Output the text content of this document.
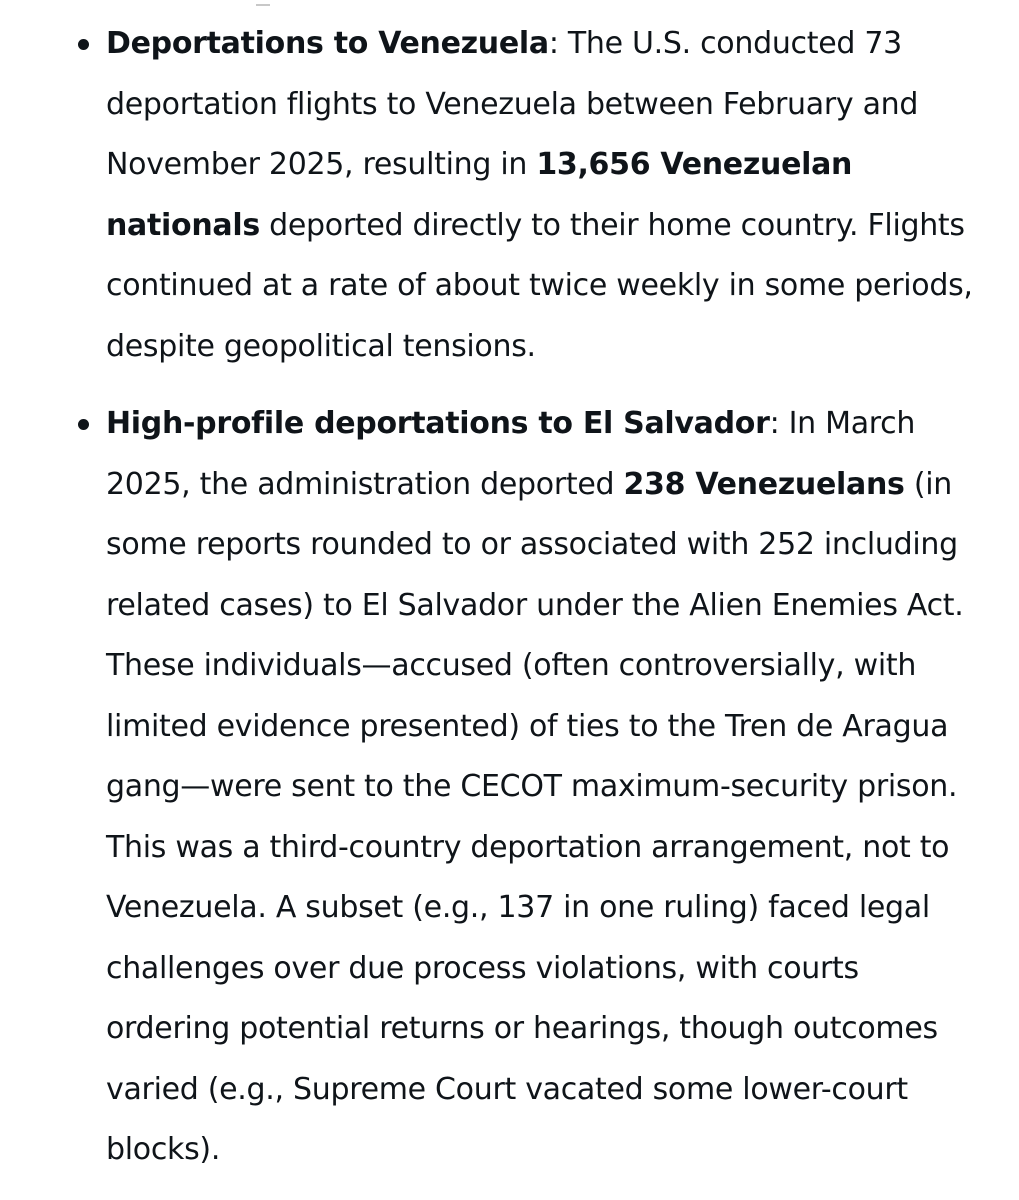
Deportations to Venezuela: The U.S. conducted 73 deportation flights to Venezuela between February and November 2025, resulting in 13,656 Venezuelan nationals deported directly to their home country. Flights continued at a rate of about twice weekly in some periods, despite geopolitical tensions.
High-profile deportations to El Salvador: In March 2025, the administration deported 238 Venezuelans (in some reports rounded to or associated with 252 including related cases) to El Salvador under the Alien Enemies Act. These individuals—accused (often controversially, with limited evidence presented) of ties to the Tren de Aragua gang—were sent to the CECOT maximum-security prison. This was a third-country deportation arrangement, not to Venezuela. A subset (e.g., 137 in one ruling) faced legal challenges over due process violations, with courts ordering potential returns or hearings, though outcomes varied (e.g., Supreme Court vacated some lower-court blocks).
